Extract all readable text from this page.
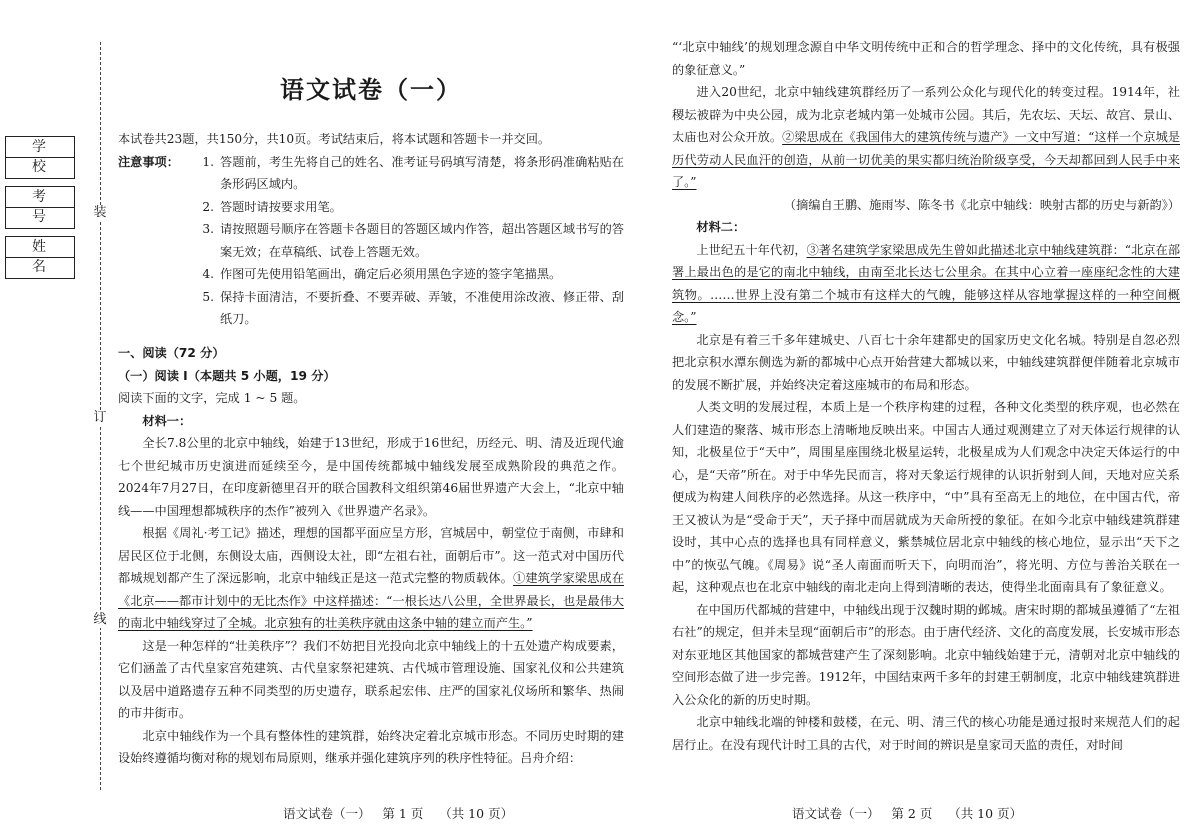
学 校
考 号
姓 名
装
订
线
语文试卷（一）

本试卷共23题，共150分，共10页。考试结束后，将本试题和答题卡一并交回。

注意事项：	1. 答题前，考生先将自己的姓名、准考证号码填写清楚，将条形码准确粘贴在条形码区域内。
2. 答题时请按要求用笔。
3. 请按照题号顺序在答题卡各题目的答题区域内作答，超出答题区域书写的答案无效；在草稿纸、试卷上答题无效。
4. 作图可先使用铅笔画出，确定后必须用黑色字迹的签字笔描黑。
5. 保持卡面清洁，不要折叠、不要弄破、弄皱，不准使用涂改液、修正带、刮纸刀。

一、阅读（72 分）

（一）阅读 I（本题共 5 小题，19 分）

阅读下面的文字，完成 1 ~ 5 题。

材料一：

全长7.8公里的北京中轴线，始建于13世纪，形成于16世纪，历经元、明、清及近现代逾七个世纪城市历史演进而延续至今，是中国传统都城中轴线发展至成熟阶段的典范之作。2024年7月27日，在印度新德里召开的联合国教科文组织第46届世界遗产大会上，“北京中轴线——中国理想都城秩序的杰作”被列入《世界遗产名录》。

根据《周礼·考工记》描述，理想的国都平面应呈方形，宫城居中，朝堂位于南侧，市肆和居民区位于北侧，东侧设太庙，西侧设太社，即“左祖右社，面朝后市”。这一范式对中国历代都城规划都产生了深远影响，北京中轴线正是这一范式完整的物质载体。①建筑学家梁思成在《北京——都市计划中的无比杰作》中这样描述：“一根长达八公里，全世界最长，也是最伟大的南北中轴线穿过了全城。北京独有的壮美秩序就由这条中轴的建立而产生。”

这是一种怎样的“壮美秩序”？我们不妨把目光投向北京中轴线上的十五处遗产构成要素，它们涵盖了古代皇家宫苑建筑、古代皇家祭祀建筑、古代城市管理设施、国家礼仪和公共建筑以及居中道路遗存五种不同类型的历史遗存，联系起宏伟、庄严的国家礼仪场所和繁华、热闹的市井街市。

北京中轴线作为一个具有整体性的建筑群，始终决定着北京城市形态。不同历史时期的建设始终遵循均衡对称的规划布局原则，继承并强化建筑序列的秩序性特征。吕舟介绍：

语文试卷（一）   第 1 页    （共 10 页）

“‘北京中轴线’的规划理念源自中华文明传统中正和合的哲学理念、择中的文化传统，具有极强的象征意义。”

进入20世纪，北京中轴线建筑群经历了一系列公众化与现代化的转变过程。1914年，社稷坛被辟为中央公园，成为北京老城内第一处城市公园。其后，先农坛、天坛、故宫、景山、太庙也对公众开放。②梁思成在《我国伟大的建筑传统与遗产》一文中写道：“这样一个京城是历代劳动人民血汗的创造，从前一切优美的果实都归统治阶级享受，今天却都回到人民手中来了。”

（摘编自王鹏、施雨岑、陈冬书《北京中轴线：映射古都的历史与新韵》）

材料二：

上世纪五十年代初，③著名建筑学家梁思成先生曾如此描述北京中轴线建筑群：“北京在部署上最出色的是它的南北中轴线，由南至北长达七公里余。在其中心立着一座座纪念性的大建筑物。……世界上没有第二个城市有这样大的气魄，能够这样从容地掌握这样的一种空间概念。”

北京是有着三千多年建城史、八百七十余年建都史的国家历史文化名城。特别是自忽必烈把北京积水潭东侧选为新的都城中心点开始营建大都城以来，中轴线建筑群便伴随着北京城市的发展不断扩展，并始终决定着这座城市的布局和形态。

人类文明的发展过程，本质上是一个秩序构建的过程，各种文化类型的秩序观，也必然在人们建造的聚落、城市形态上清晰地反映出来。中国古人通过观测建立了对天体运行规律的认知，北极星位于“天中”，周围星座围绕北极星运转，北极星成为人们观念中决定天体运行的中心，是“天帝”所在。对于中华先民而言，将对天象运行规律的认识折射到人间，天地对应关系便成为构建人间秩序的必然选择。从这一秩序中，“中”具有至高无上的地位，在中国古代，帝王又被认为是“受命于天”，天子择中而居就成为天命所授的象征。在如今北京中轴线建筑群建设时，其中心点的选择也具有同样意义，紫禁城位居北京中轴线的核心地位，显示出“天下之中”的恢弘气魄。《周易》说“圣人南面而听天下，向明而治”，将光明、方位与善治关联在一起，这种观点也在北京中轴线的南北走向上得到清晰的表达，使得坐北面南具有了象征意义。

在中国历代都城的营建中，中轴线出现于汉魏时期的邺城。唐宋时期的都城虽遵循了“左祖右社”的规定，但并未呈现“面朝后市”的形态。由于唐代经济、文化的高度发展，长安城市形态对东亚地区其他国家的都城营建产生了深刻影响。北京中轴线始建于元，清朝对北京中轴线的空间形态做了进一步完善。1912年，中国结束两千多年的封建王朝制度，北京中轴线建筑群进入公众化的新的历史时期。

北京中轴线北端的钟楼和鼓楼，在元、明、清三代的核心功能是通过报时来规范人们的起居行止。在没有现代计时工具的古代，对于时间的辨识是皇家司天监的责任，对时间

语文试卷（一）   第 2 页    （共 10 页）
